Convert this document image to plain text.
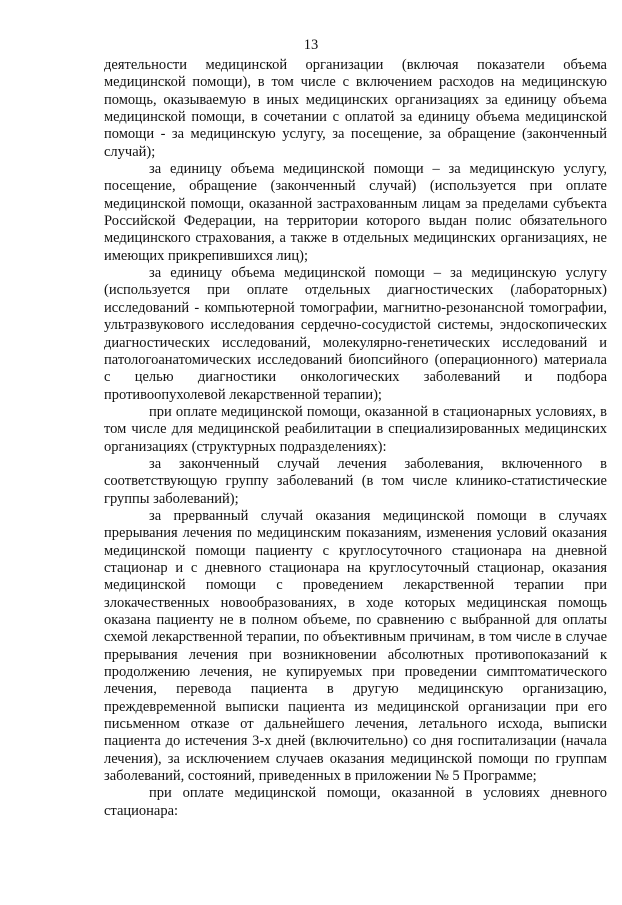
13

деятельности медицинской организации (включая показатели объема медицинской помощи), в том числе с включением расходов на медицинскую помощь, оказываемую в иных медицинских организациях за единицу объема медицинской помощи, в сочетании с оплатой за единицу объема медицинской помощи - за медицинскую услугу, за посещение, за обращение (законченный случай);

за единицу объема медицинской помощи – за медицинскую услугу, посещение, обращение (законченный случай) (используется при оплате медицинской помощи, оказанной застрахованным лицам за пределами субъекта Российской Федерации, на территории которого выдан полис обязательного медицинского страхования, а также в отдельных медицинских организациях, не имеющих прикрепившихся лиц);

за единицу объема медицинской помощи – за медицинскую услугу (используется при оплате отдельных диагностических (лабораторных) исследований - компьютерной томографии, магнитно-резонансной томографии, ультразвукового исследования сердечно-сосудистой системы, эндоскопических диагностических исследований, молекулярно-генетических исследований и патологоанатомических исследований биопсийного (операционного) материала с целью диагностики онкологических заболеваний и подбора противоопухолевой лекарственной терапии);

при оплате медицинской помощи, оказанной в стационарных условиях, в том числе для медицинской реабилитации в специализированных медицинских организациях (структурных подразделениях):

за законченный случай лечения заболевания, включенного в соответствующую группу заболеваний (в том числе клинико-статистические группы заболеваний);

за прерванный случай оказания медицинской помощи в случаях прерывания лечения по медицинским показаниям, изменения условий оказания медицинской помощи пациенту с круглосуточного стационара на дневной стационар и с дневного стационара на круглосуточный стационар, оказания медицинской помощи с проведением лекарственной терапии при злокачественных новообразованиях, в ходе которых медицинская помощь оказана пациенту не в полном объеме, по сравнению с выбранной для оплаты схемой лекарственной терапии, по объективным причинам, в том числе в случае прерывания лечения при возникновении абсолютных противопоказаний к продолжению лечения, не купируемых при проведении симптоматического лечения, перевода пациента в другую медицинскую организацию, преждевременной выписки пациента из медицинской организации при его письменном отказе от дальнейшего лечения, летального исхода, выписки пациента до истечения 3-х дней (включительно) со дня госпитализации (начала лечения), за исключением случаев оказания медицинской помощи по группам заболеваний, состояний, приведенных в приложении № 5 Программе;

при оплате медицинской помощи, оказанной в условиях дневного стационара:
